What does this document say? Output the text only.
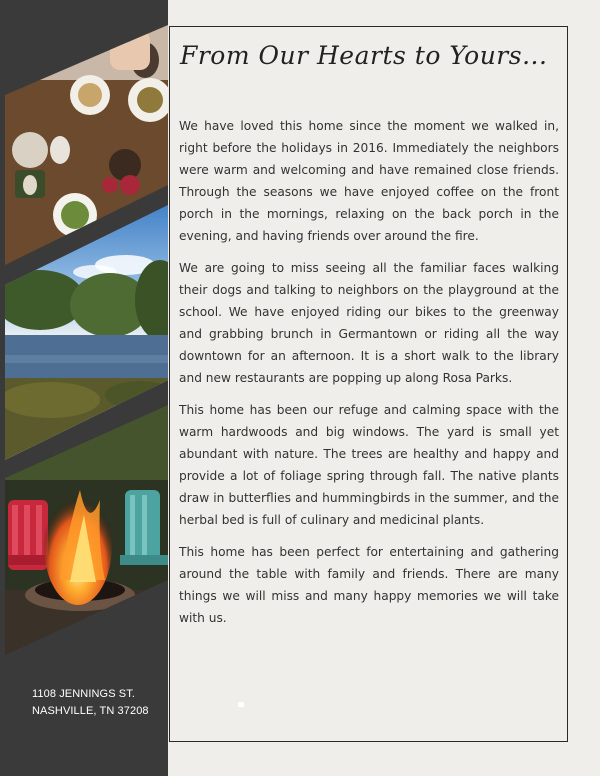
1108 JENNINGS ST.
NASHVILLE, TN 37208
From Our Hearts to Yours...

We have loved this home since the moment we walked in, right before the holidays in 2016. Immediately the neighbors were warm and welcoming and have remained close friends. Through the seasons we have enjoyed coffee on the front porch in the mornings, relaxing on the back porch in the evening, and having friends over around the fire.

We are going to miss seeing all the familiar faces walking their dogs and talking to neighbors on the playground at the school. We have enjoyed riding our bikes to the greenway and grabbing brunch in Germantown or riding all the way downtown for an afternoon. It is a short walk to the library and new restaurants are popping up along Rosa Parks.

This home has been our refuge and calming space with the warm hardwoods and big windows. The yard is small yet abundant with nature. The trees are healthy and happy and provide a lot of foliage spring through fall. The native plants draw in butterflies and hummingbirds in the summer, and the herbal bed is full of culinary and medicinal plants.

This home has been perfect for entertaining and gathering around the table with family and friends. There are many things we will miss and many happy memories we will take with us.
